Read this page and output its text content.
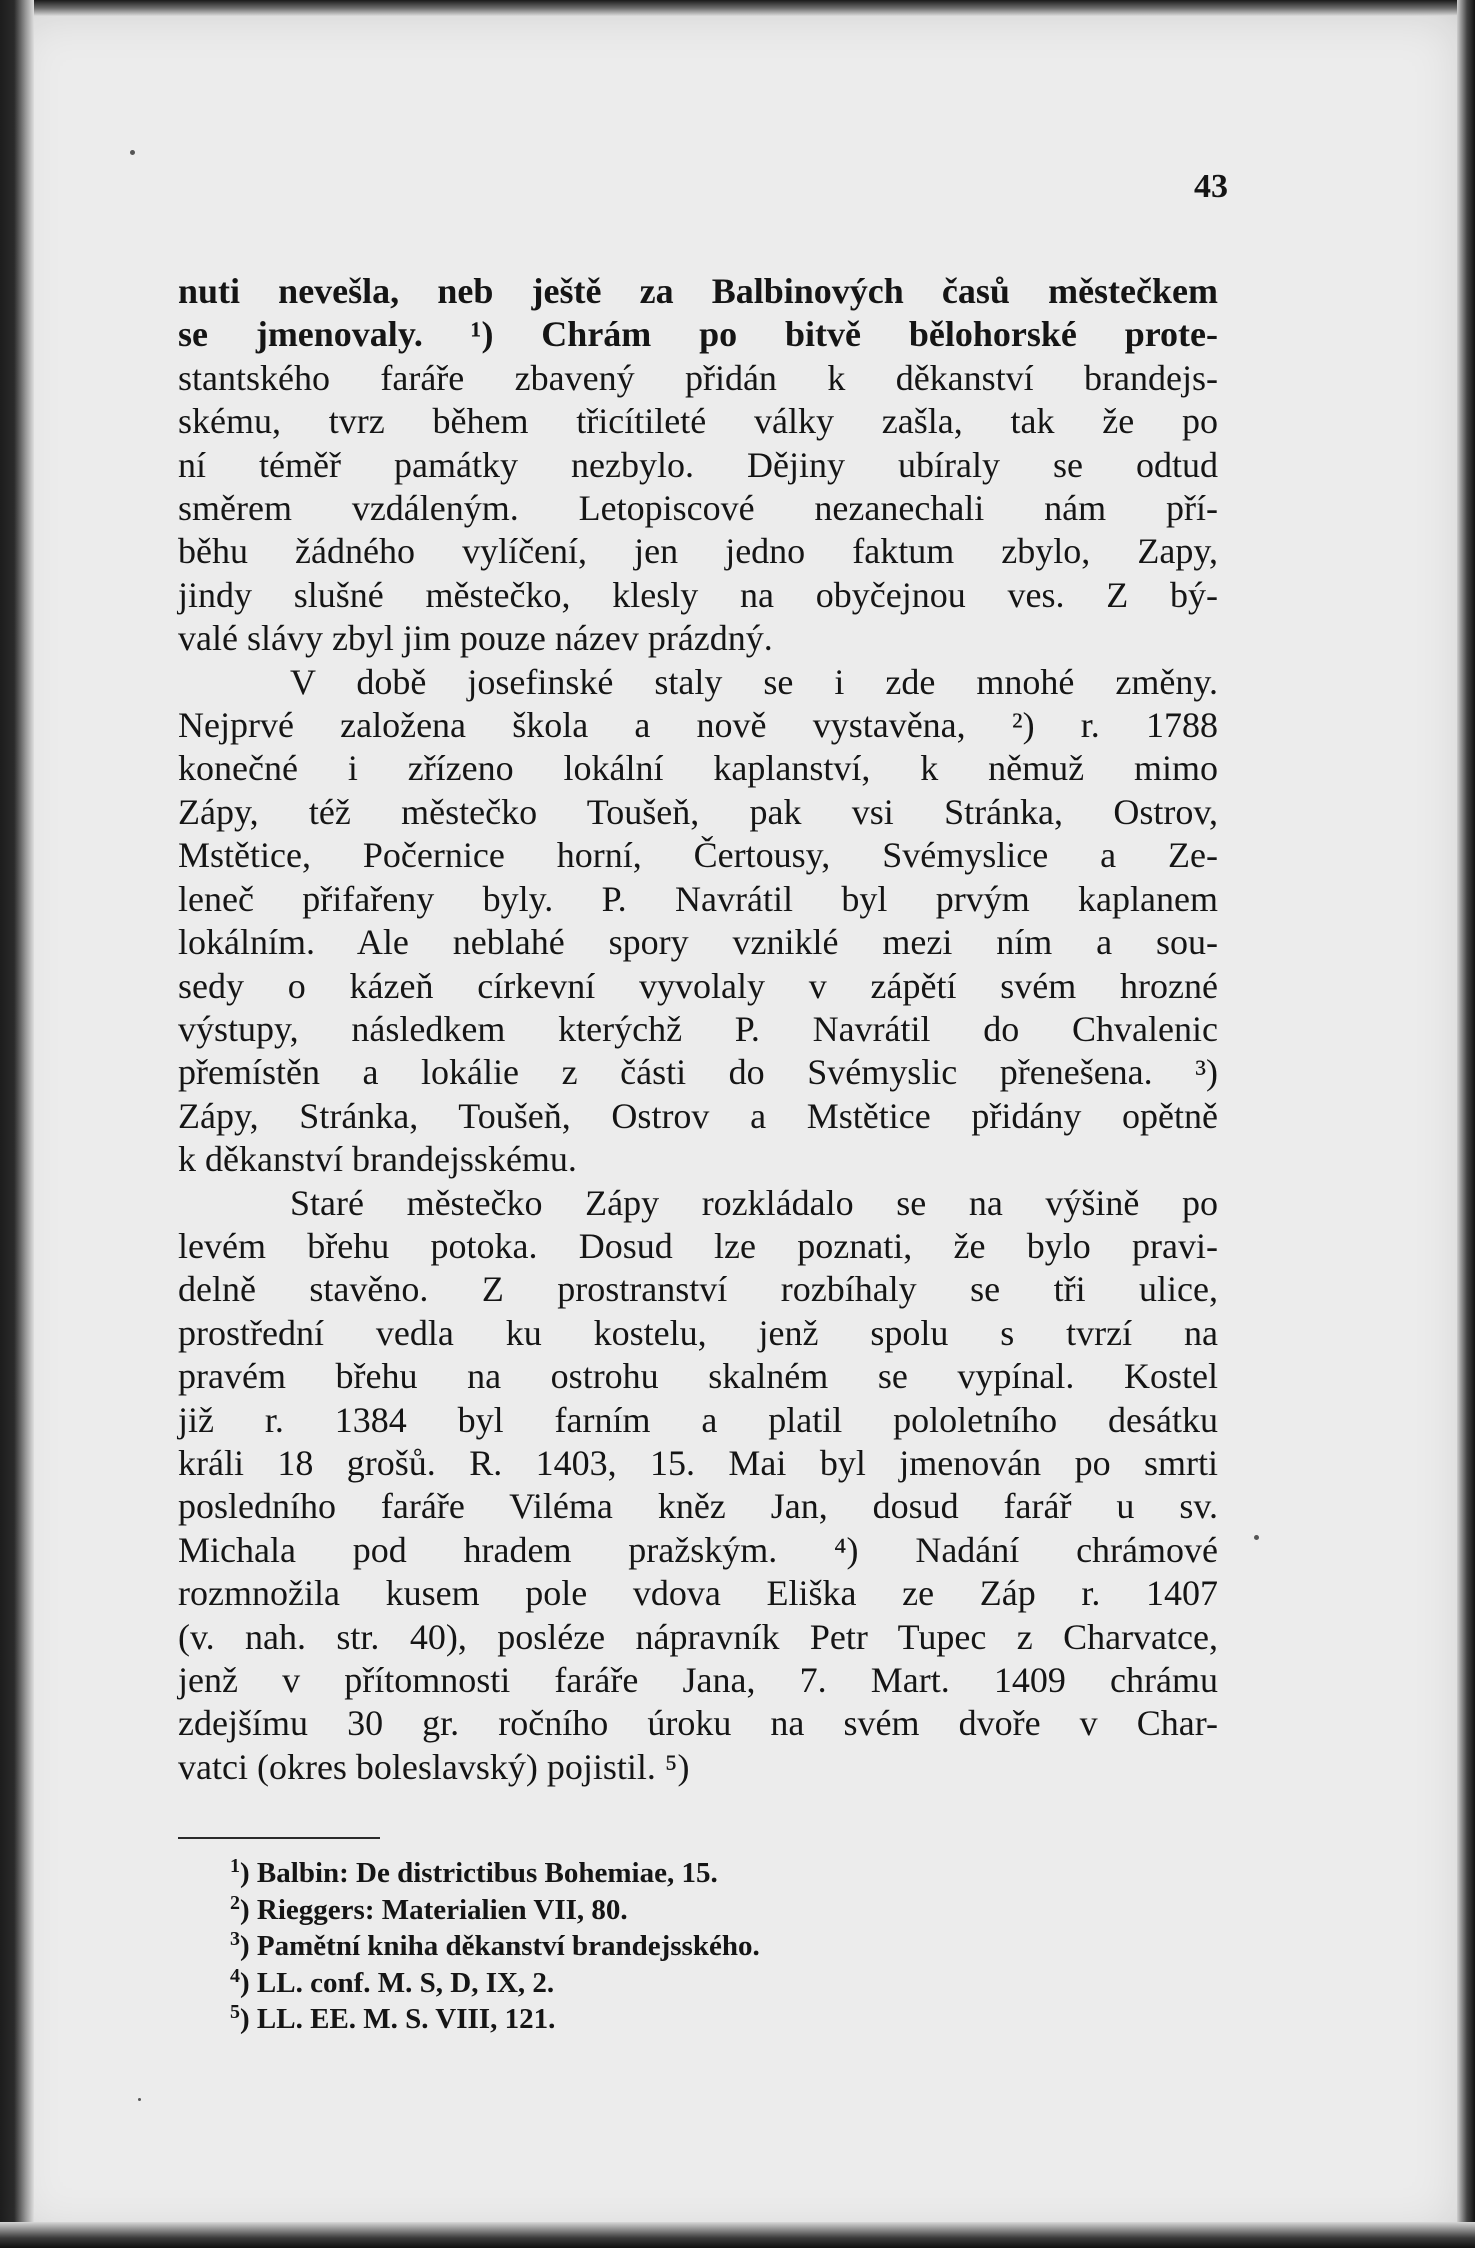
43
nuti nevešla, neb ještě za Balbinových časů městečkem
se jmenovaly. ¹) Chrám po bitvě bělohorské prote-
stantského faráře zbavený přidán k děkanství brandejs-
skému, tvrz během třicítileté války zašla, tak že po
ní téměř památky nezbylo. Dějiny ubíraly se odtud
směrem vzdáleným. Letopiscové nezanechali nám pří-
běhu žádného vylíčení, jen jedno faktum zbylo, Zapy,
jindy slušné městečko, klesly na obyčejnou ves. Z bý-
valé slávy zbyl jim pouze název prázdný.
V době josefinské staly se i zde mnohé změny.
Nejprvé založena škola a nově vystavěna, ²) r. 1788
konečné i zřízeno lokální kaplanství, k němuž mimo
Zápy, též městečko Toušeň, pak vsi Stránka, Ostrov,
Mstětice, Počernice horní, Čertousy, Svémyslice a Ze-
leneč přifařeny byly. P. Navrátil byl prvým kaplanem
lokálním. Ale neblahé spory vzniklé mezi ním a sou-
sedy o kázeň církevní vyvolaly v zápětí svém hrozné
výstupy, následkem kterýchž P. Navrátil do Chvalenic
přemístěn a lokálie z části do Svémyslic přenešena. ³)
Zápy, Stránka, Toušeň, Ostrov a Mstětice přidány opětně
k děkanství brandejsskému.
Staré městečko Zápy rozkládalo se na výšině po
levém břehu potoka. Dosud lze poznati, že bylo pravi-
delně stavěno. Z prostranství rozbíhaly se tři ulice,
prostřední vedla ku kostelu, jenž spolu s tvrzí na
pravém břehu na ostrohu skalném se vypínal. Kostel
již r. 1384 byl farním a platil pololetního desátku
králi 18 grošů. R. 1403, 15. Mai byl jmenován po smrti
posledního faráře Viléma kněz Jan, dosud farář u sv.
Michala pod hradem pražským. ⁴) Nadání chrámové
rozmnožila kusem pole vdova Eliška ze Záp r. 1407
(v. nah. str. 40), posléze nápravník Petr Tupec z Charvatce,
jenž v přítomnosti faráře Jana, 7. Mart. 1409 chrámu
zdejšímu 30 gr. ročního úroku na svém dvoře v Char-
vatci (okres boleslavský) pojistil. ⁵)
$^1$) Balbin: De districtibus Bohemiae, 15.
$^2$) Rieggers: Materialien VII, 80.
$^3$) Pamětní kniha děkanství brandejsského.
$^4$) LL. conf. M. S, D, IX, 2.
$^5$) LL. EE. M. S. VIII, 121.
